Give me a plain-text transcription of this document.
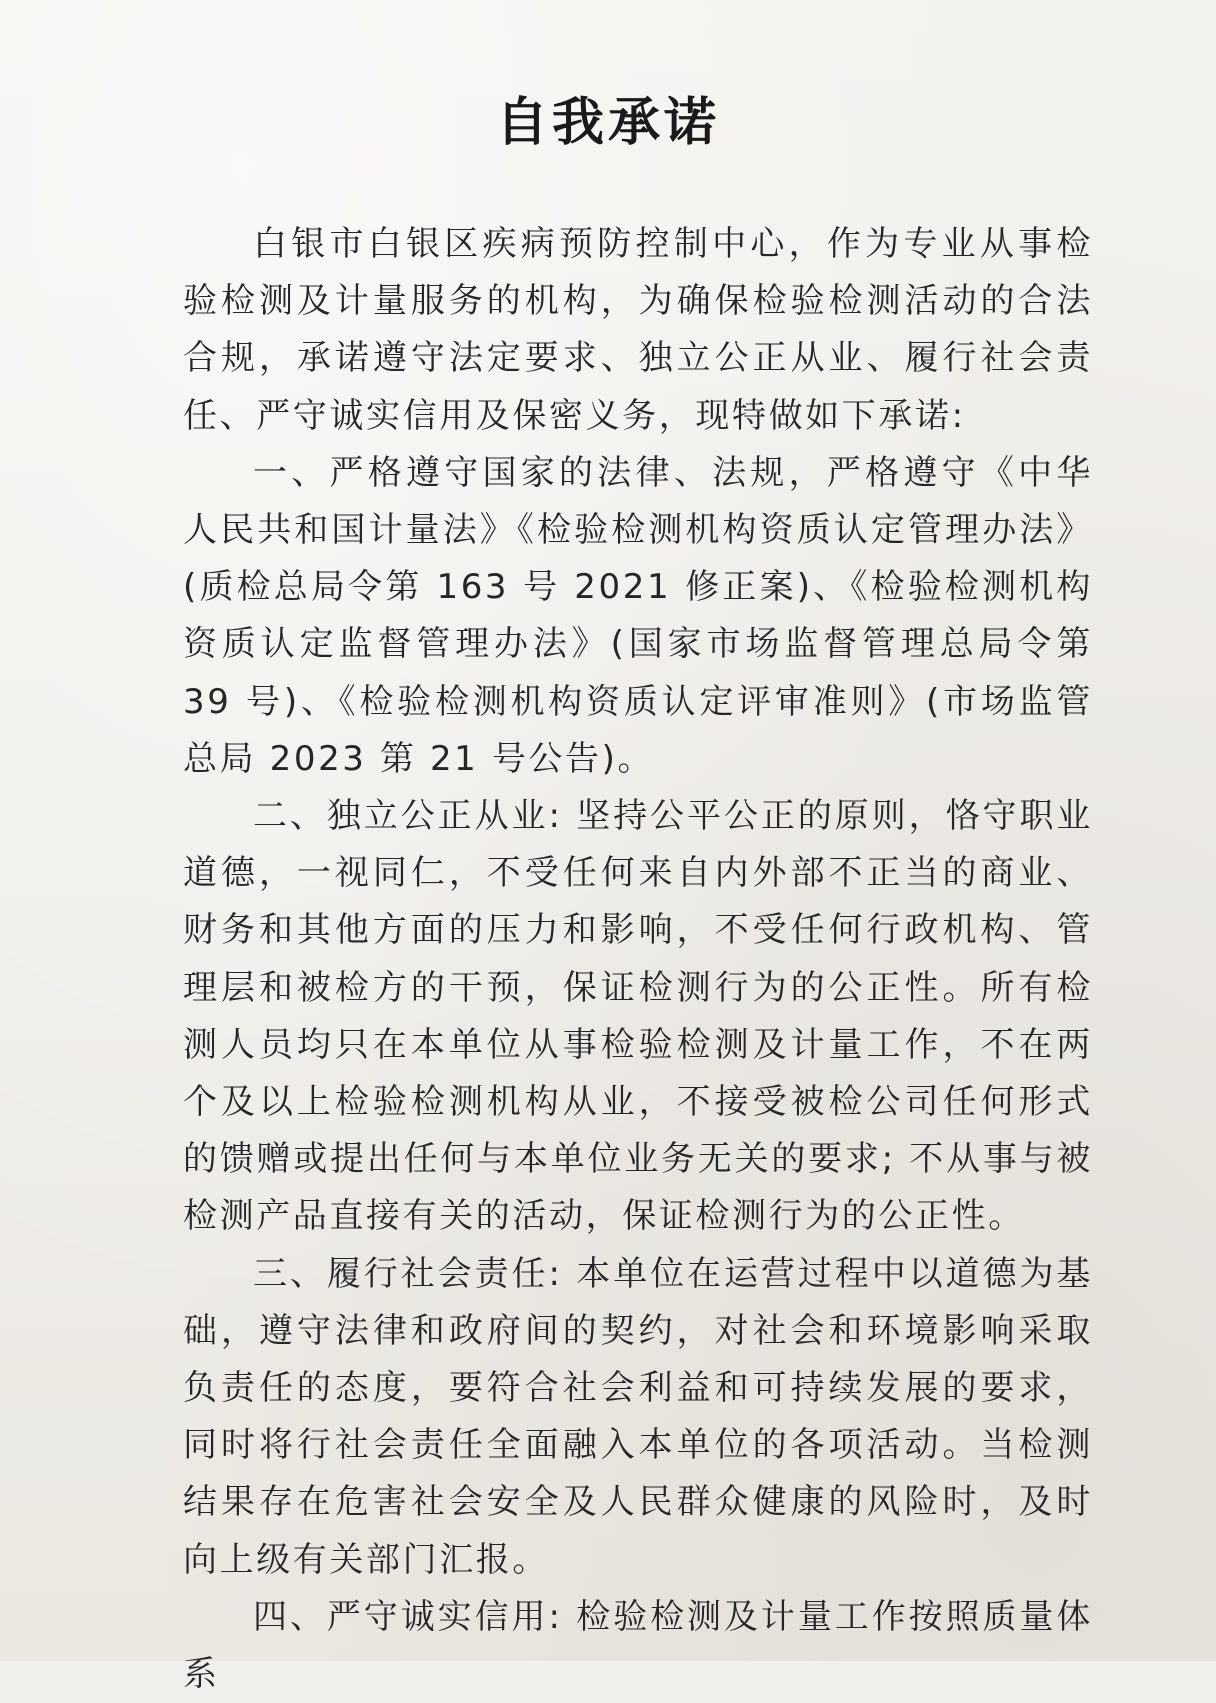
自我承诺

白银市白银区疾病预防控制中心，作为专业从事检验检测及计量服务的机构，为确保检验检测活动的合法合规，承诺遵守法定要求、独立公正从业、履行社会责任、严守诚实信用及保密义务，现特做如下承诺:

一、严格遵守国家的法律、法规，严格遵守《中华人民共和国计量法》《检验检测机构资质认定管理办法》(质检总局令第 163 号 2021 修正案)、《检验检测机构资质认定监督管理办法》(国家市场监督管理总局令第 39 号)、《检验检测机构资质认定评审准则》(市场监管总局 2023 第 21 号公告)。

二、独立公正从业: 坚持公平公正的原则，恪守职业道德，一视同仁，不受任何来自内外部不正当的商业、财务和其他方面的压力和影响，不受任何行政机构、管理层和被检方的干预，保证检测行为的公正性。所有检测人员均只在本单位从事检验检测及计量工作，不在两个及以上检验检测机构从业，不接受被检公司任何形式的馈赠或提出任何与本单位业务无关的要求; 不从事与被检测产品直接有关的活动，保证检测行为的公正性。

三、履行社会责任: 本单位在运营过程中以道德为基础，遵守法律和政府间的契约，对社会和环境影响采取负责任的态度，要符合社会利益和可持续发展的要求，同时将行社会责任全面融入本单位的各项活动。当检测结果存在危害社会安全及人民群众健康的风险时，及时向上级有关部门汇报。

四、严守诚实信用: 检验检测及计量工作按照质量体系
